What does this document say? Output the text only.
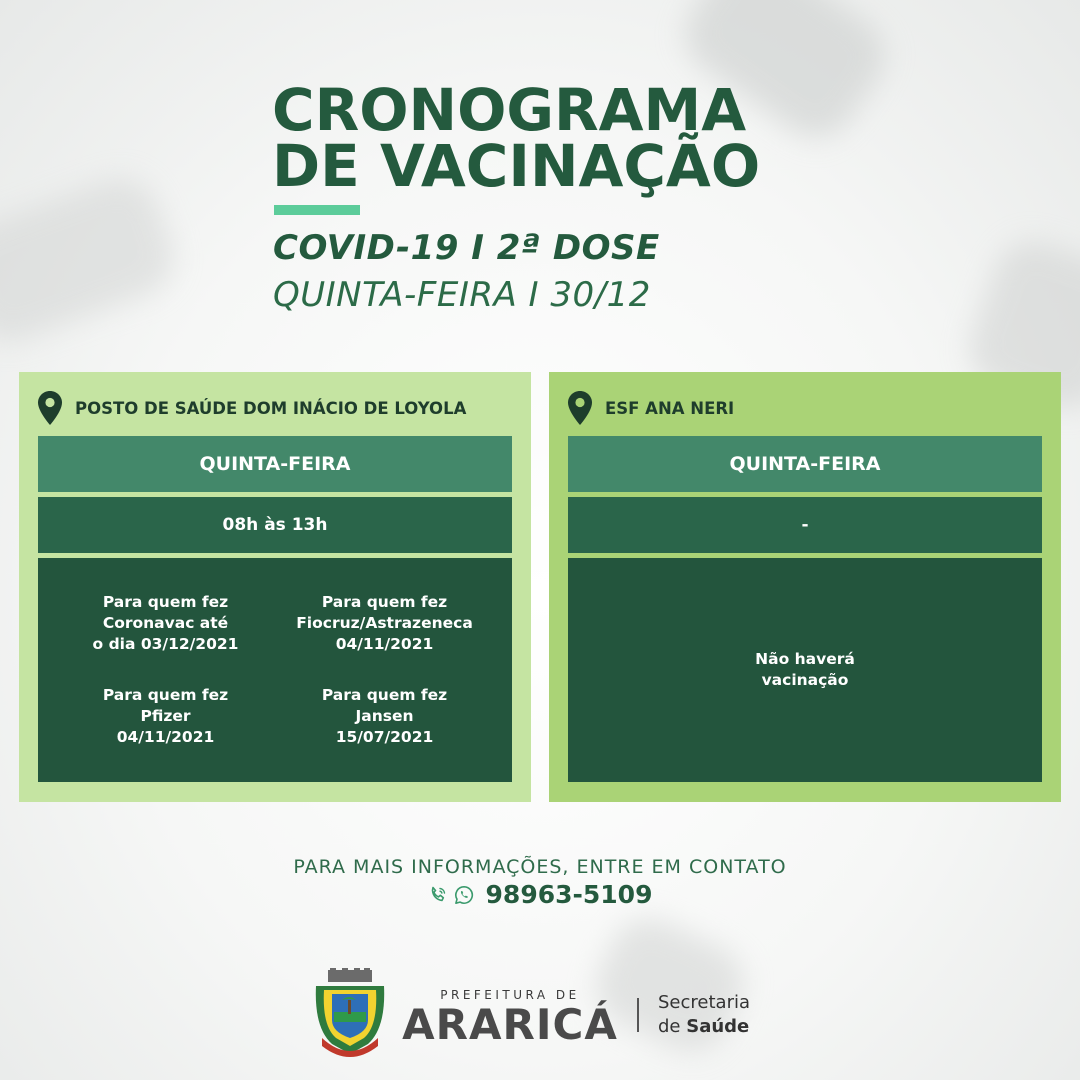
CRONOGRAMA
DE VACINAÇÃO
COVID-19 I 2ª DOSE
QUINTA-FEIRA I 30/12
POSTO DE SAÚDE DOM INÁCIO DE LOYOLA
QUINTA-FEIRA
08h às 13h
Para quem fez
Coronavac até
o dia 03/12/2021
Para quem fez
Fiocruz/Astrazeneca
04/11/2021
Para quem fez
Pfizer
04/11/2021
Para quem fez
Jansen
15/07/2021
ESF ANA NERI
QUINTA-FEIRA
-
Não haverá
vacinação
PARA MAIS INFORMAÇÕES, ENTRE EM CONTATO
98963-5109
PREFEITURA DE
ARARICÁ Secretaria
de Saúde
